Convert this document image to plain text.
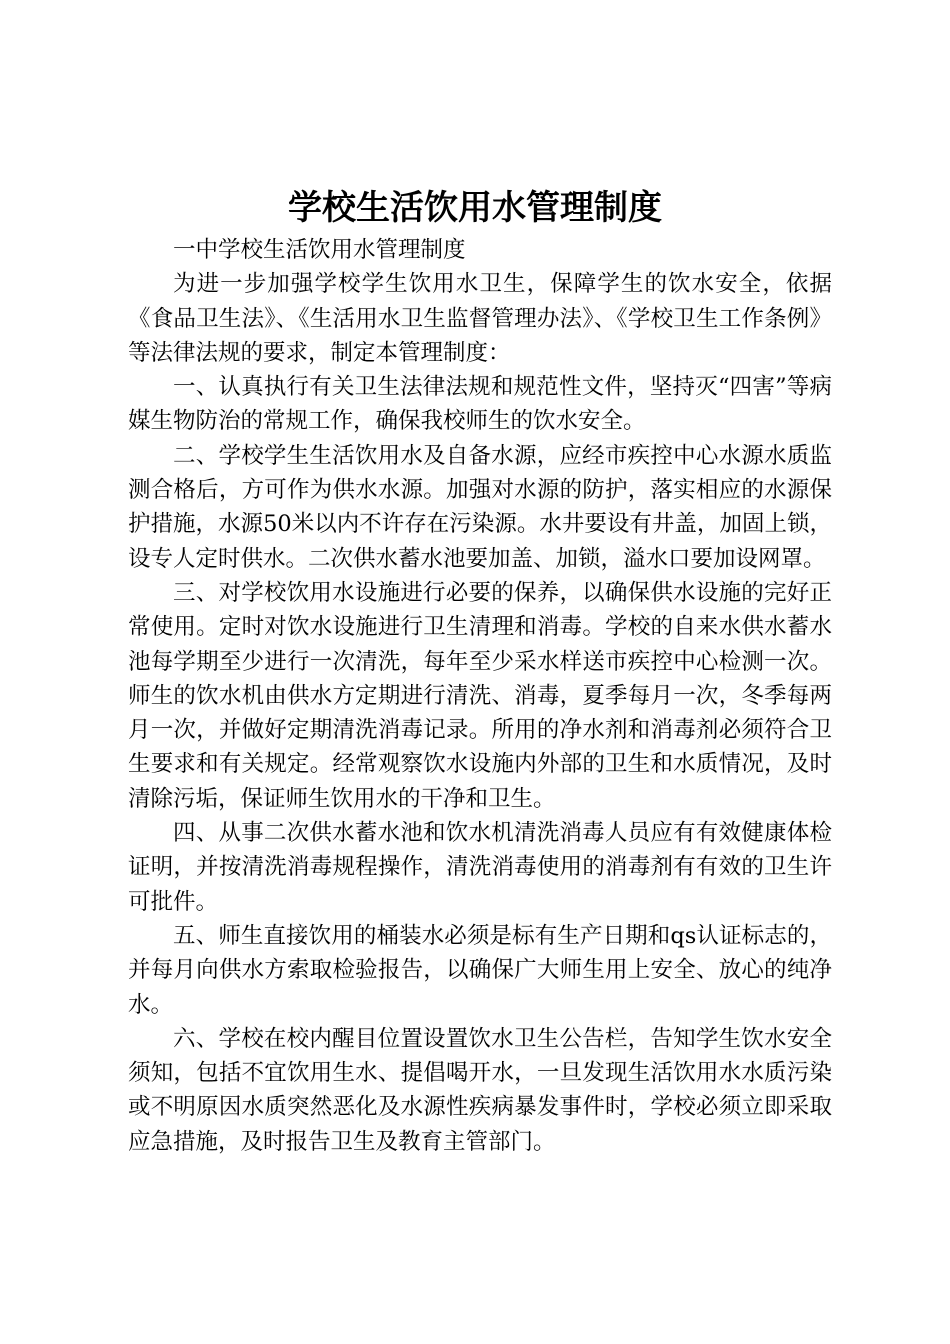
学校生活饮用水管理制度

一中学校生活饮用水管理制度

为进一步加强学校学生饮用水卫生，保障学生的饮水安全，依据《食品卫生法》、《生活用水卫生监督管理办法》、《学校卫生工作条例》等法律法规的要求，制定本管理制度：

一、认真执行有关卫生法律法规和规范性文件，坚持灭“四害”等病媒生物防治的常规工作，确保我校师生的饮水安全。

二、学校学生生活饮用水及自备水源，应经市疾控中心水源水质监测合格后，方可作为供水水源。加强对水源的防护，落实相应的水源保护措施，水源50米以内不许存在污染源。水井要设有井盖，加固上锁，设专人定时供水。二次供水蓄水池要加盖、加锁，溢水口要加设网罩。

三、对学校饮用水设施进行必要的保养，以确保供水设施的完好正常使用。定时对饮水设施进行卫生清理和消毒。学校的自来水供水蓄水池每学期至少进行一次清洗，每年至少采水样送市疾控中心检测一次。师生的饮水机由供水方定期进行清洗、消毒，夏季每月一次，冬季每两月一次，并做好定期清洗消毒记录。所用的净水剂和消毒剂必须符合卫生要求和有关规定。经常观察饮水设施内外部的卫生和水质情况，及时清除污垢，保证师生饮用水的干净和卫生。

四、从事二次供水蓄水池和饮水机清洗消毒人员应有有效健康体检证明，并按清洗消毒规程操作，清洗消毒使用的消毒剂有有效的卫生许可批件。

五、师生直接饮用的桶装水必须是标有生产日期和qs认证标志的，并每月向供水方索取检验报告，以确保广大师生用上安全、放心的纯净水。

六、学校在校内醒目位置设置饮水卫生公告栏，告知学生饮水安全须知，包括不宜饮用生水、提倡喝开水，一旦发现生活饮用水水质污染或不明原因水质突然恶化及水源性疾病暴发事件时，学校必须立即采取应急措施，及时报告卫生及教育主管部门。
